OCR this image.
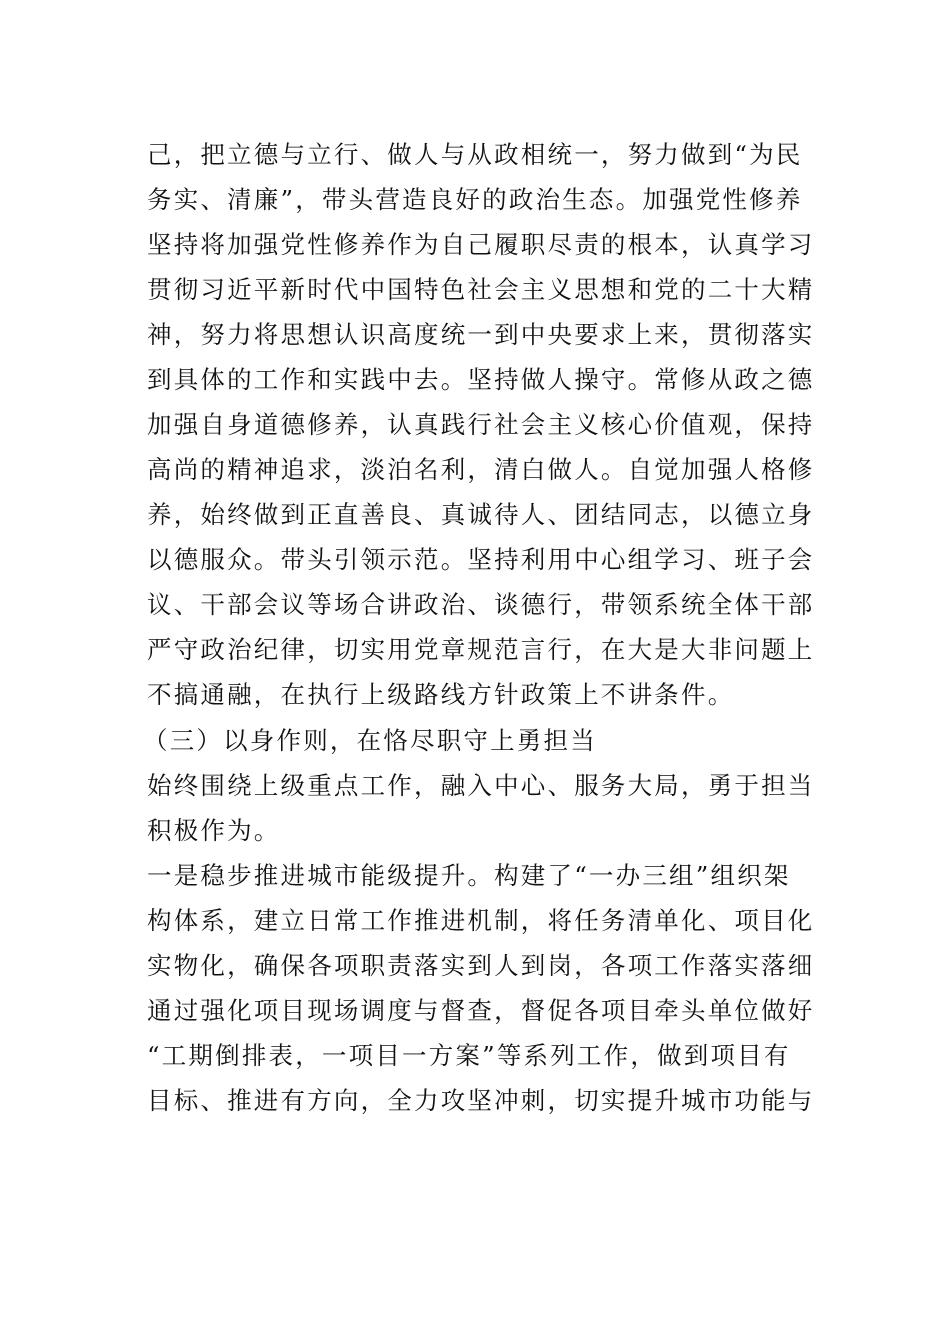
己，把立德与立行、做人与从政相统一，努力做到“为民
务实、清廉”，带头营造良好的政治生态。加强党性修养
坚持将加强党性修养作为自己履职尽责的根本，认真学习
贯彻习近平新时代中国特色社会主义思想和党的二十大精
神，努力将思想认识高度统一到中央要求上来，贯彻落实
到具体的工作和实践中去。坚持做人操守。常修从政之德
加强自身道德修养，认真践行社会主义核心价值观，保持
高尚的精神追求，淡泊名利，清白做人。自觉加强人格修
养，始终做到正直善良、真诚待人、团结同志，以德立身
以德服众。带头引领示范。坚持利用中心组学习、班子会
议、干部会议等场合讲政治、谈德行，带领系统全体干部
严守政治纪律，切实用党章规范言行，在大是大非问题上
不搞通融，在执行上级路线方针政策上不讲条件。
（三）以身作则，在恪尽职守上勇担当
始终围绕上级重点工作，融入中心、服务大局，勇于担当
积极作为。
一是稳步推进城市能级提升。构建了“一办三组”组织架
构体系，建立日常工作推进机制，将任务清单化、项目化
实物化，确保各项职责落实到人到岗，各项工作落实落细
通过强化项目现场调度与督查，督促各项目牵头单位做好
“工期倒排表，一项目一方案”等系列工作，做到项目有
目标、推进有方向，全力攻坚冲刺，切实提升城市功能与
